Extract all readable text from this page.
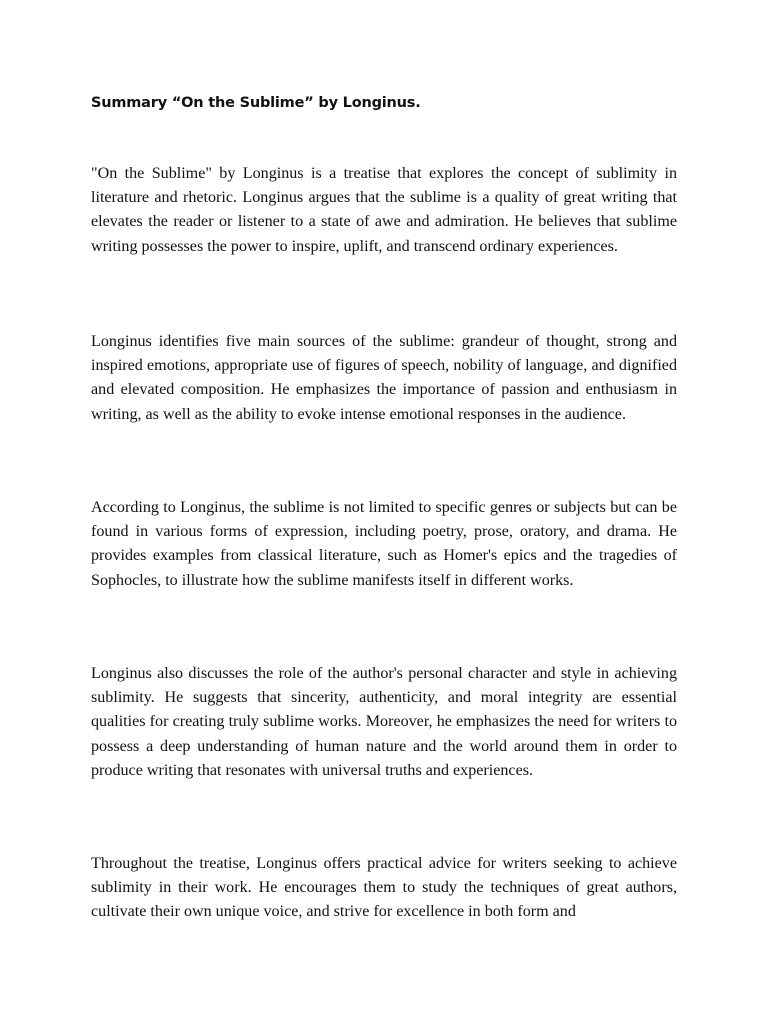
Summary “On the Sublime” by Longinus.

"On the Sublime" by Longinus is a treatise that explores the concept of sublimity in literature and rhetoric. Longinus argues that the sublime is a quality of great writing that elevates the reader or listener to a state of awe and admiration. He believes that sublime writing possesses the power to inspire, uplift, and transcend ordinary experiences.

Longinus identifies five main sources of the sublime: grandeur of thought, strong and inspired emotions, appropriate use of figures of speech, nobility of language, and dignified and elevated composition. He emphasizes the importance of passion and enthusiasm in writing, as well as the ability to evoke intense emotional responses in the audience.

According to Longinus, the sublime is not limited to specific genres or subjects but can be found in various forms of expression, including poetry, prose, oratory, and drama. He provides examples from classical literature, such as Homer's epics and the tragedies of Sophocles, to illustrate how the sublime manifests itself in different works.

Longinus also discusses the role of the author's personal character and style in achieving sublimity. He suggests that sincerity, authenticity, and moral integrity are essential qualities for creating truly sublime works. Moreover, he emphasizes the need for writers to possess a deep understanding of human nature and the world around them in order to produce writing that resonates with universal truths and experiences.

Throughout the treatise, Longinus offers practical advice for writers seeking to achieve sublimity in their work. He encourages them to study the techniques of great authors, cultivate their own unique voice, and strive for excellence in both form and
